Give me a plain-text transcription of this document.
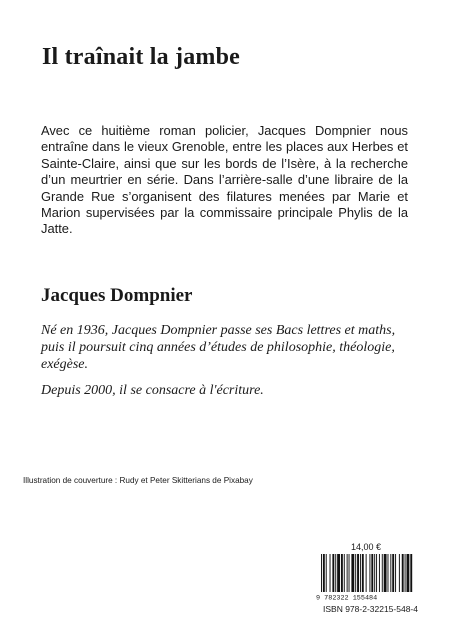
Il traînait la jambe

Avec ce huitième roman policier, Jacques Dompnier nous entraîne dans le vieux Grenoble, entre les places aux Herbes et Sainte-Claire, ainsi que sur les bords de l’Isère, à la recherche d’un meurtrier en série. Dans l’arrière-salle d’une libraire de la Grande Rue s’organisent des filatures menées par Marie et Marion supervisées par la commissaire principale Phylis de la Jatte.

Jacques Dompnier

Né en 1936, Jacques Dompnier passe ses Bacs lettres et maths, puis il poursuit cinq années d’études de philosophie, théologie, exégèse.

Depuis 2000, il se consacre à l'écriture.

Illustration de couverture : Rudy et Peter Skitterians de Pixabay
14,00 €
9 782322 155484
ISBN 978-2-32215-548-4
